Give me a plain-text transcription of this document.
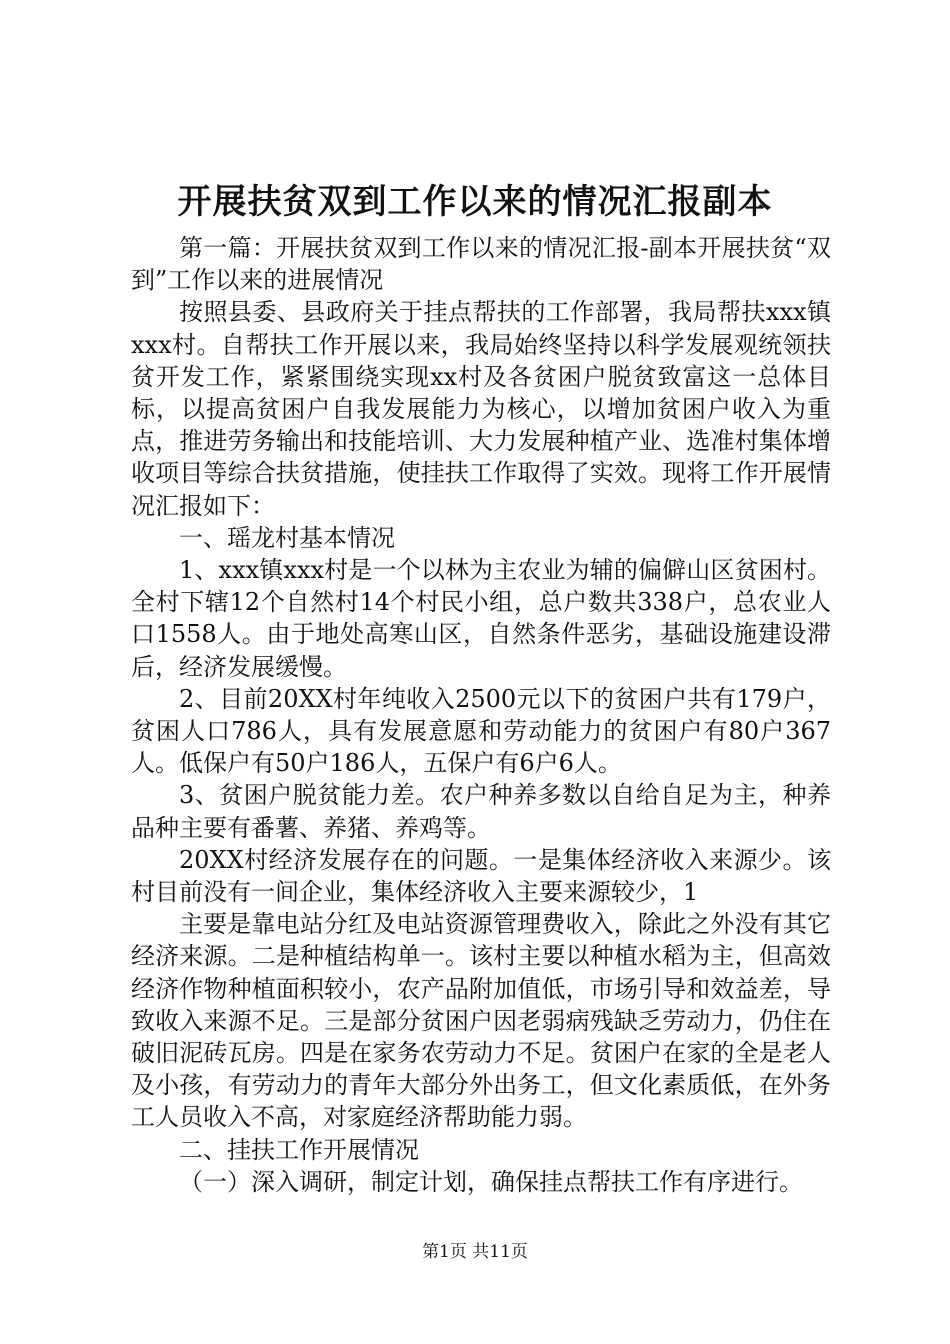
开展扶贫双到工作以来的情况汇报副本

第一篇：开展扶贫双到工作以来的情况汇报-副本开展扶贫“双到”工作以来的进展情况

按照县委、县政府关于挂点帮扶的工作部署，我局帮扶xxx镇xxx村。自帮扶工作开展以来，我局始终坚持以科学发展观统领扶贫开发工作，紧紧围绕实现xx村及各贫困户脱贫致富这一总体目标，以提高贫困户自我发展能力为核心，以增加贫困户收入为重点，推进劳务输出和技能培训、大力发展种植产业、选准村集体增收项目等综合扶贫措施，使挂扶工作取得了实效。现将工作开展情况汇报如下：

一、瑶龙村基本情况

1、xxx镇xxx村是一个以林为主农业为辅的偏僻山区贫困村。全村下辖12个自然村14个村民小组，总户数共338户，总农业人口1558人。由于地处高寒山区，自然条件恶劣，基础设施建设滞后，经济发展缓慢。

2、目前20XX村年纯收入2500元以下的贫困户共有179户，贫困人口786人，具有发展意愿和劳动能力的贫困户有80户367人。低保户有50户186人，五保户有6户6人。

3、贫困户脱贫能力差。农户种养多数以自给自足为主，种养品种主要有番薯、养猪、养鸡等。

20XX村经济发展存在的问题。一是集体经济收入来源少。该村目前没有一间企业，集体经济收入主要来源较少，1

主要是靠电站分红及电站资源管理费收入，除此之外没有其它经济来源。二是种植结构单一。该村主要以种植水稻为主，但高效经济作物种植面积较小，农产品附加值低，市场引导和效益差，导致收入来源不足。三是部分贫困户因老弱病残缺乏劳动力，仍住在破旧泥砖瓦房。四是在家务农劳动力不足。贫困户在家的全是老人及小孩，有劳动力的青年大部分外出务工，但文化素质低，在外务工人员收入不高，对家庭经济帮助能力弱。

二、挂扶工作开展情况

（一）深入调研，制定计划，确保挂点帮扶工作有序进行。

第1页 共11页
